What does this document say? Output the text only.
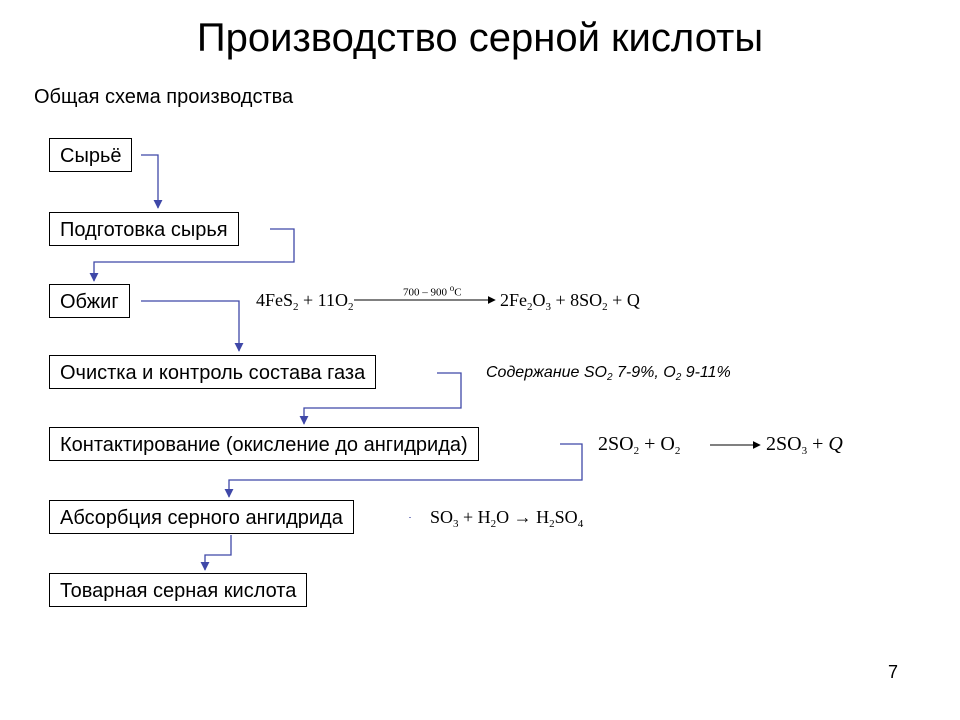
Производство серной кислоты
Общая схема производства
Сырьё
Подготовка сырья
Обжиг
Очистка и контроль состава газа
Контактирование (окисление до ангидрида)
Абсорбция серного ангидрида
Товарная серная кислота
$4FeS_2 + 11O_2$
700 – 900 $^o$C $2Fe_2O_3 + 8SO_2 + Q$
Содержание $SO_2$ 7-9%, $O_2$ 9-11%
$2SO_2 + O_2$	$2SO_3 + Q$
$SO_3 + H_2O \to H_2SO_4$
7
